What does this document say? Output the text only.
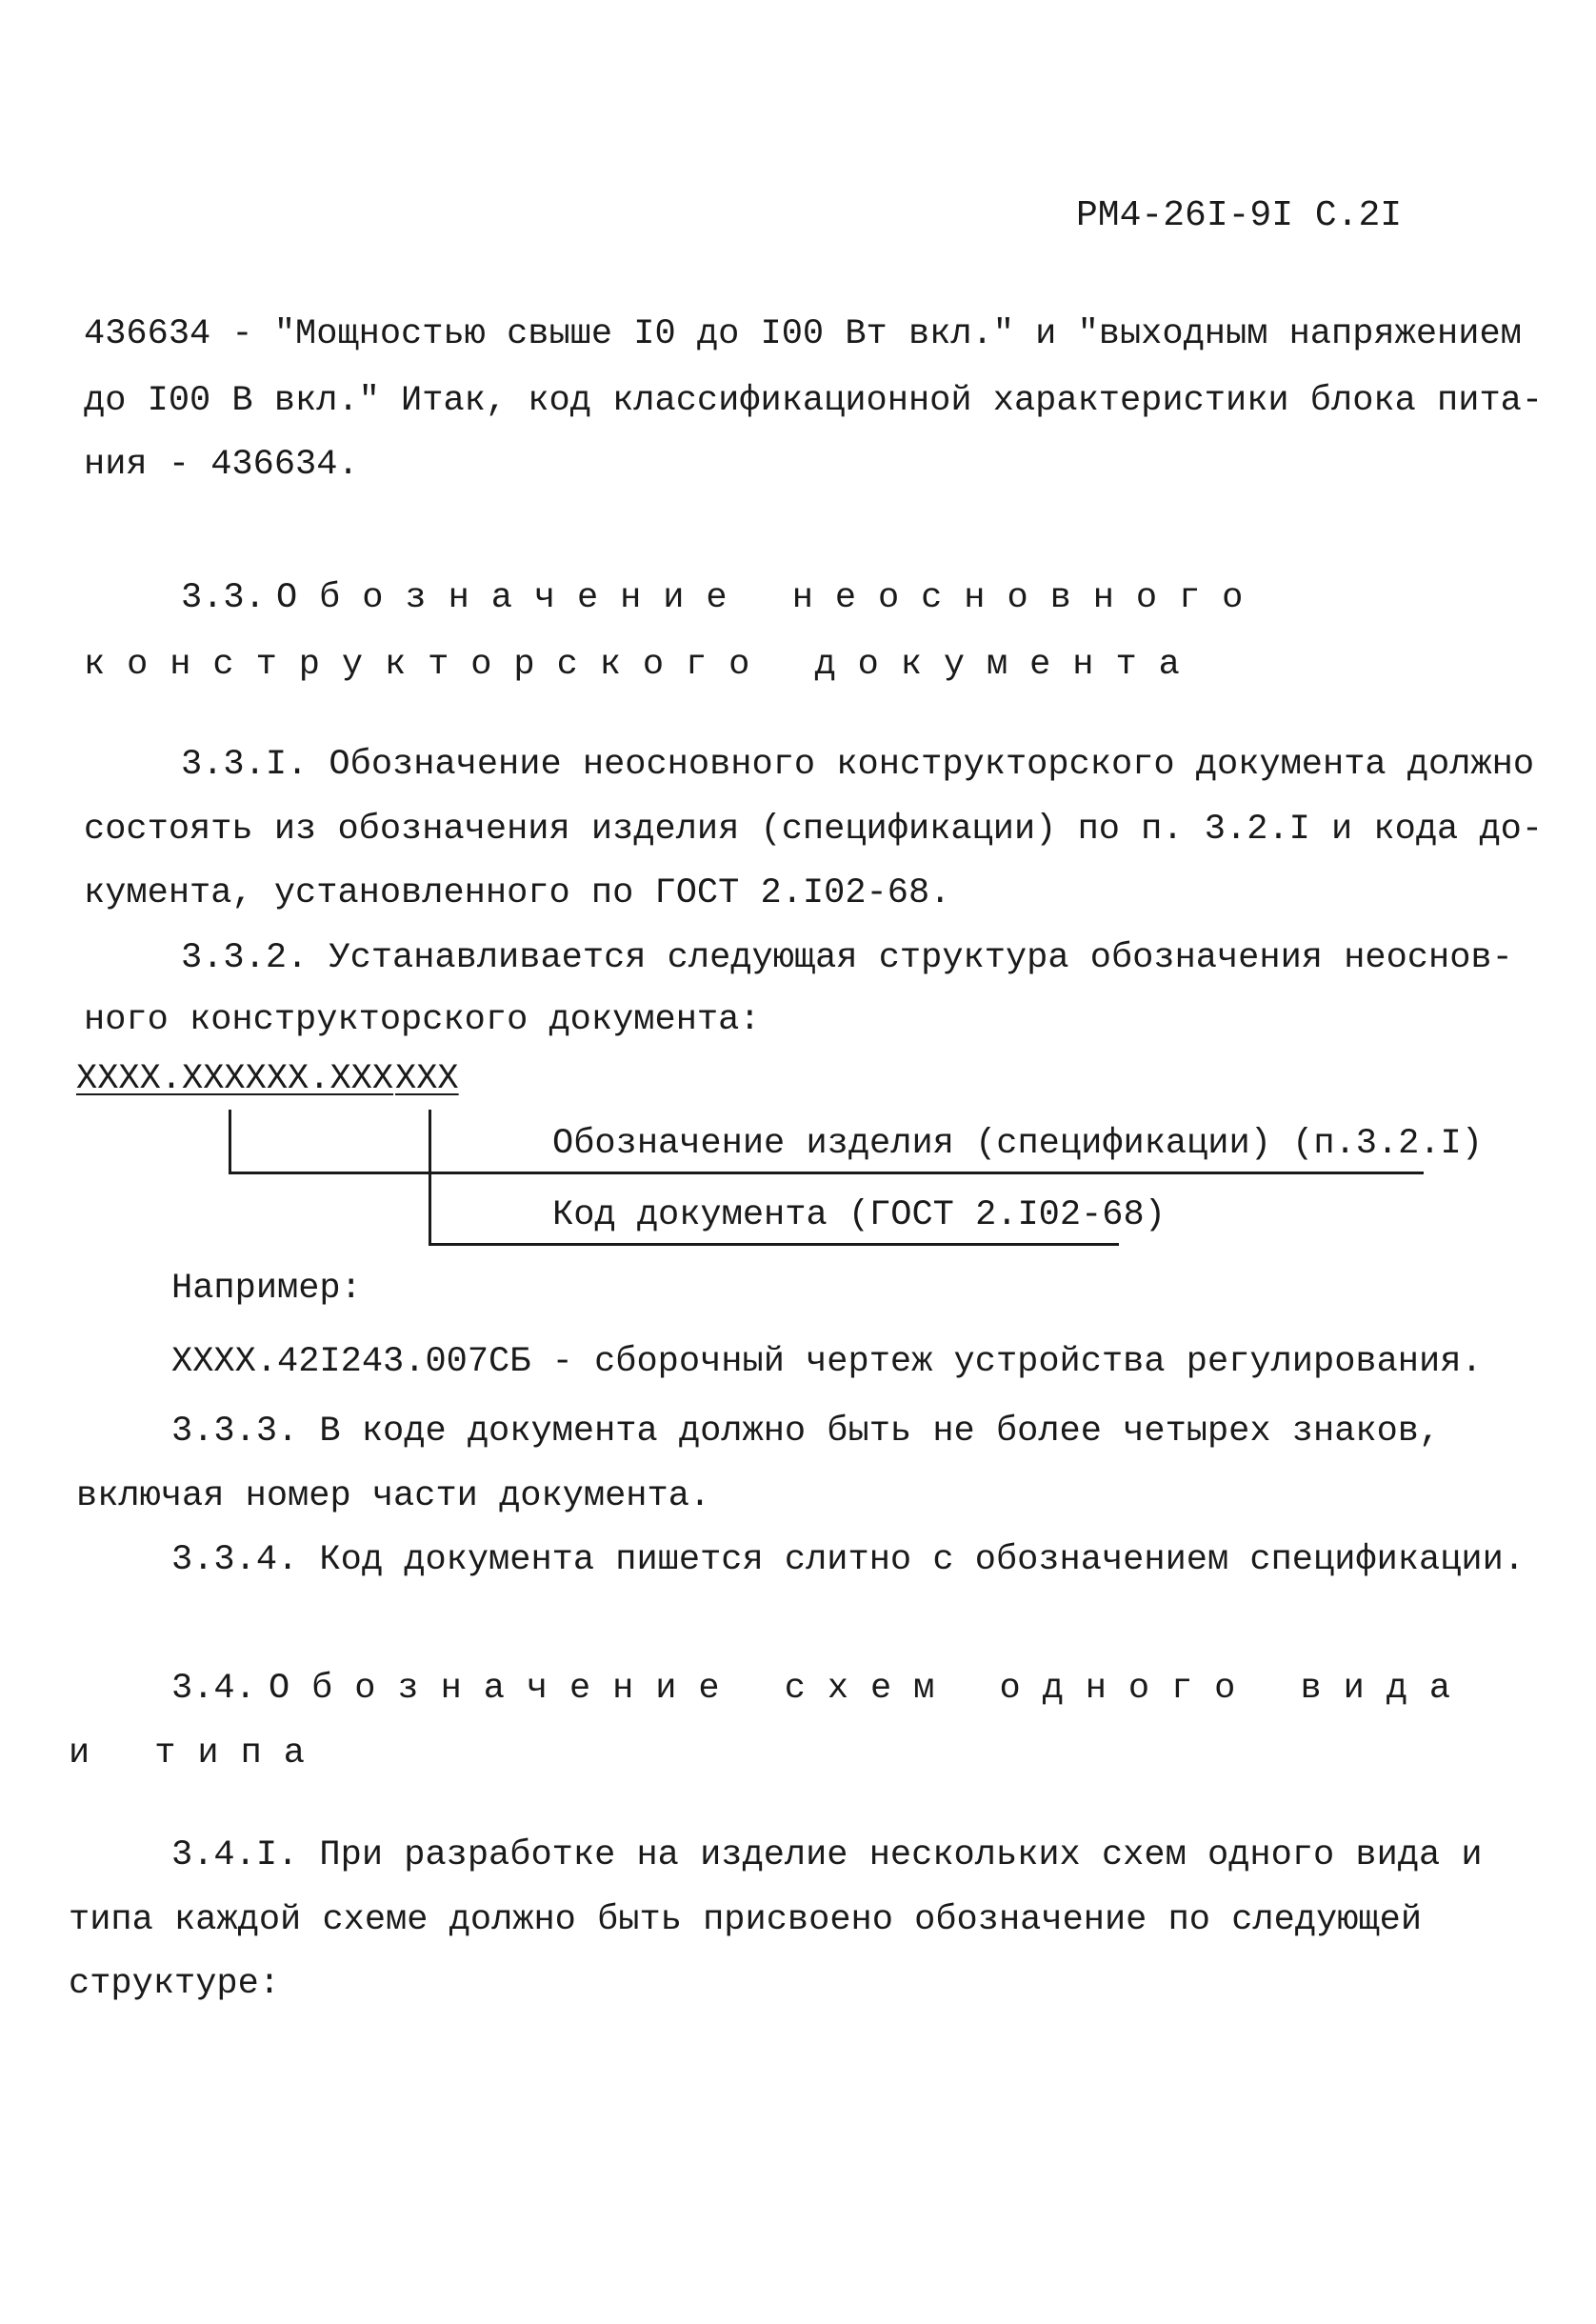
РМ4-26I-9I С.2I
436634 - "Мощностью свыше I0 до I00 Вт вкл." и "выходным напряжением
до I00 В вкл." Итак, код классификационной характеристики блока пита-
ния - 436634.
3.3. Обозначение неосновного
конструкторского документа
3.3.I. Обозначение неосновного конструкторского документа должно
состоять из обозначения изделия (спецификации) по п. 3.2.I и кода до-
кумента, установленного по ГОСТ 2.I02-68.
3.3.2. Устанавливается следующая структура обозначения неоснов-
ного конструкторского документа:
XXXX.XXXXXX.XXX XXX
Обозначение изделия (спецификации) (п.3.2.I)
Код документа (ГОСТ 2.I02-68)
Например:
XXXX.42I243.007СБ - сборочный чертеж устройства регулирования.
3.3.3. В коде документа должно быть не более четырех знаков,
включая номер части документа.
3.3.4. Код документа пишется слитно с обозначением спецификации.
3.4. Обозначение схем одного вида
и типа
3.4.I. При разработке на изделие нескольких схем одного вида и
типа каждой схеме должно быть присвоено обозначение по следующей
структуре:
